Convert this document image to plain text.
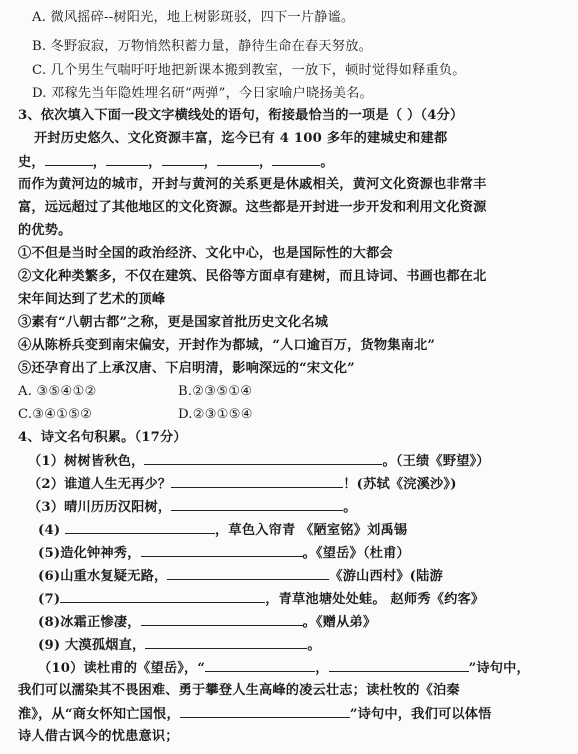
A. 微风摇碎--树阳光，地上树影斑驳，四下一片静谧。
B. 冬野寂寂，万物悄然积蓄力量，静待生命在春天努放。
C. 几个男生气喘吁吁地把新课本搬到教室，一放下，顿时觉得如释重负。
D. 邓稼先当年隐姓埋名研“两弹”，今日家喻户晓扬美名。
3、依次填入下面一段文字横线处的语句，衔接最恰当的一项是（ ）（4分）
开封历史悠久、文化资源丰富，迄今已有 4 100 多年的建城史和建都
史，	，	，	，	，	。
而作为黄河边的城市，开封与黄河的关系更是休戚相关，黄河文化资源也非常丰
富，远远超过了其他地区的文化资源。这些都是开封进一步开发和利用文化资源
的优势。
①不但是当时全国的政治经济、文化中心，也是国际性的大都会
②文化种类繁多，不仅在建筑、民俗等方面卓有建树，而且诗词、书画也都在北
宋年间达到了艺术的顶峰
③素有“八朝古都”之称，更是国家首批历史文化名城
④从陈桥兵变到南宋偏安，开封作为都城，“人口逾百万，货物集南北”
⑤还孕育出了上承汉唐、下启明清，影响深远的“宋文化”
A. ③⑤④①②	B.②③⑤①④
C.③④①⑤②	D.②③①⑤④
4、诗文名句积累。（17分）
（1）树树皆秋色，	。（王绩《野望》）
（2）谁道人生无再少？	！(苏轼《浣溪沙》)
（3）晴川历历汉阳树，	。
(4)	，草色入帘青 《陋室铭》刘禹锡
(5)造化钟神秀，	。《望岳》（杜甫）
(6)山重水复疑无路，	《游山西村》(陆游
(7)	，青草池塘处处蛙。 赵师秀《约客》
(8)冰霜正惨凄，	。《赠从弟》
(9) 大漠孤烟直，	。
（10）读杜甫的《望岳》，“	，	”诗句中，
我们可以濡染其不畏困难、勇于攀登人生高峰的凌云壮志；读杜牧的《泊秦
淮》，从“商女怀知亡国恨，	”诗句中，我们可以体悟
诗人借古讽今的忧患意识；
